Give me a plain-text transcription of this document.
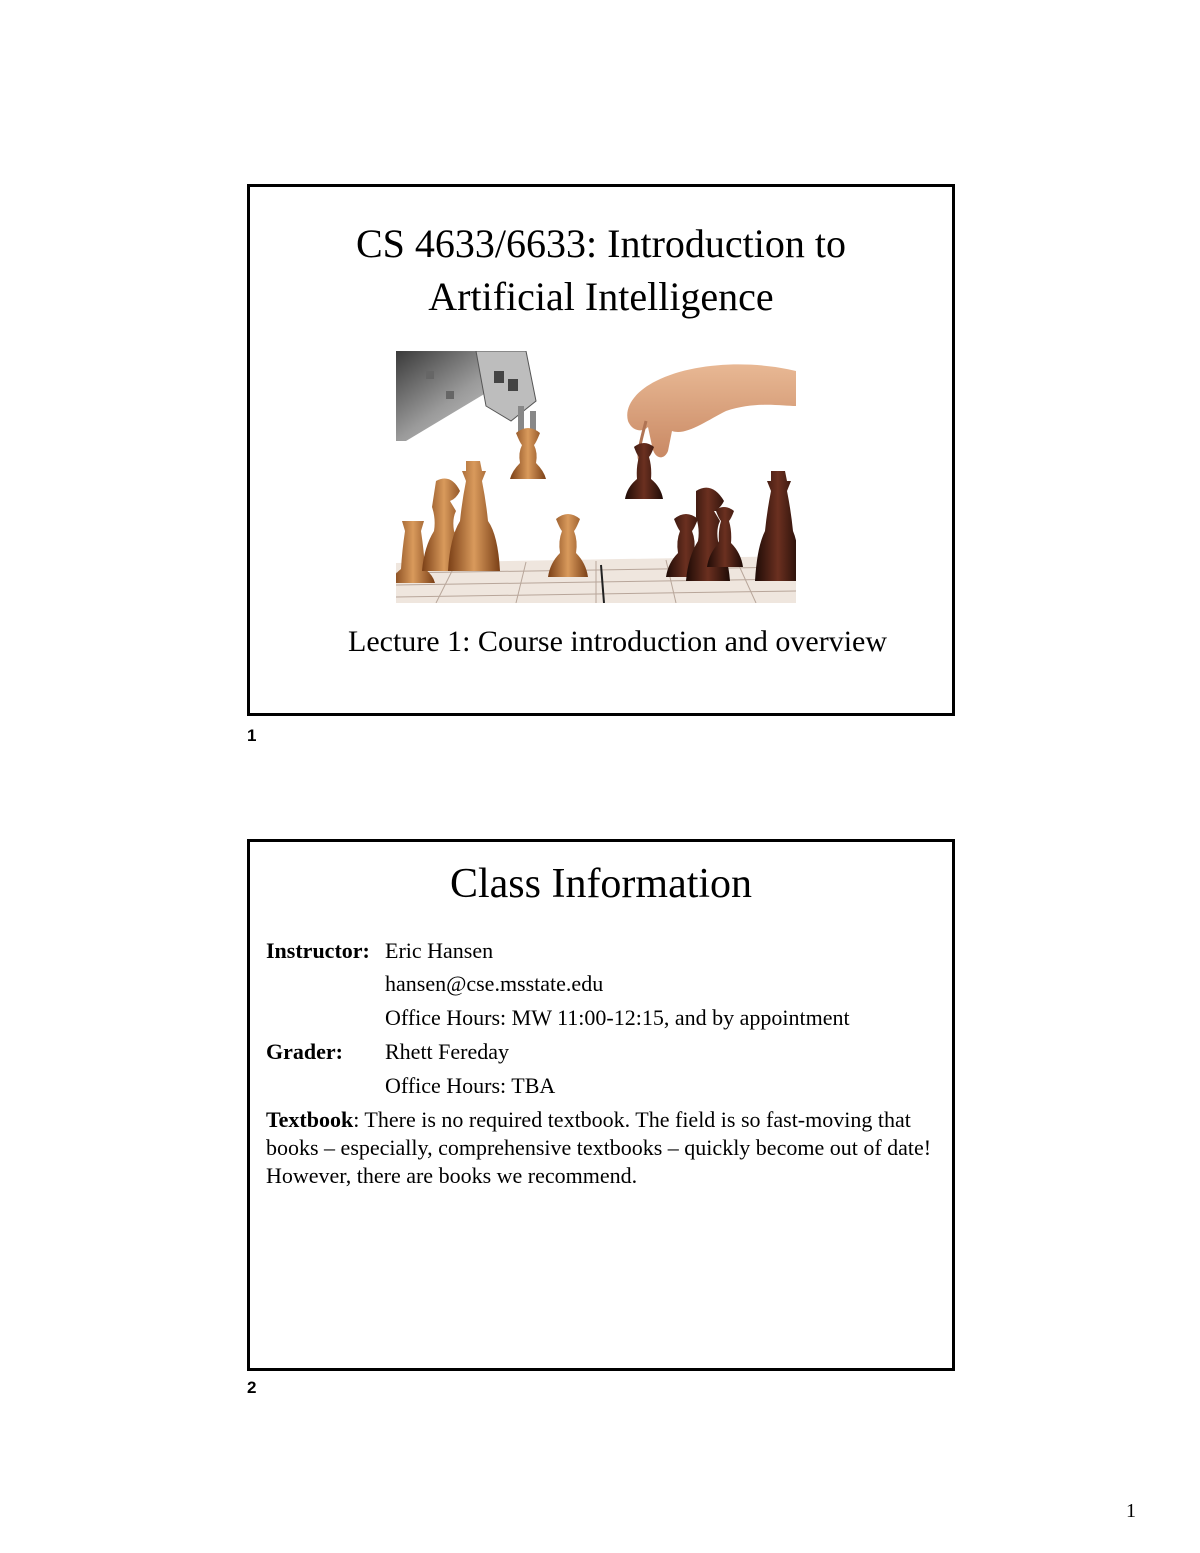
CS 4633/6633: Introduction to
Artificial Intelligence
Lecture 1: Course introduction and overview
1
Class Information
Instructor: Eric Hansen
hansen@cse.msstate.edu
Office Hours: MW 11:00-12:15, and by appointment
Grader: Rhett Fereday
Office Hours: TBA
Textbook: There is no required textbook. The field is so fast-moving that books – especially, comprehensive textbooks – quickly become out of date! However, there are books we recommend.
2
1
